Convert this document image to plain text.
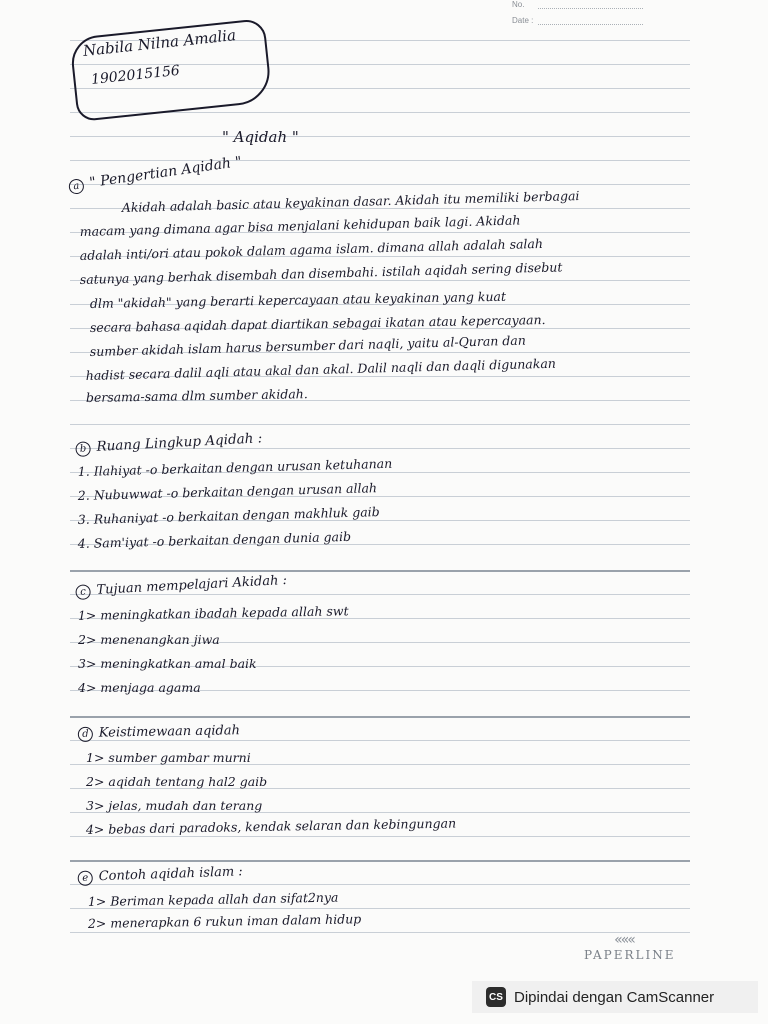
No.
Date :
Nabila Nilna Amalia
1902015156
" Aqidah "
a " Pengertian Aqidah "
Akidah adalah basic atau keyakinan dasar. Akidah itu memiliki berbagai
macam yang dimana agar bisa menjalani kehidupan baik lagi. Akidah
adalah inti/ori atau pokok dalam agama islam. dimana allah adalah salah
satunya yang berhak disembah dan disembahi. istilah aqidah sering disebut
dlm "akidah" yang berarti kepercayaan atau keyakinan yang kuat
secara bahasa aqidah dapat diartikan sebagai ikatan atau kepercayaan.
sumber akidah islam harus bersumber dari naqli, yaitu al-Quran dan
hadist secara dalil aqli atau akal dan akal. Dalil naqli dan daqli digunakan
bersama-sama dlm sumber akidah.
b Ruang Lingkup Aqidah :
1. Ilahiyat -o berkaitan dengan urusan ketuhanan
2. Nubuwwat -o berkaitan dengan urusan allah
3. Ruhaniyat -o berkaitan dengan makhluk gaib
4. Sam'iyat -o berkaitan dengan dunia gaib
c Tujuan mempelajari Akidah :
1> meningkatkan ibadah kepada allah swt
2> menenangkan jiwa
3> meningkatkan amal baik
4> menjaga agama
d Keistimewaan aqidah
1> sumber gambar murni
2> aqidah tentang hal2 gaib
3> jelas, mudah dan terang
4> bebas dari paradoks, kendak selaran dan kebingungan
e Contoh aqidah islam :
1> Beriman kepada allah dan sifat2nya
2> menerapkan 6 rukun iman dalam hidup
«««
PAPERLINE
CS Dipindai dengan CamScanner
